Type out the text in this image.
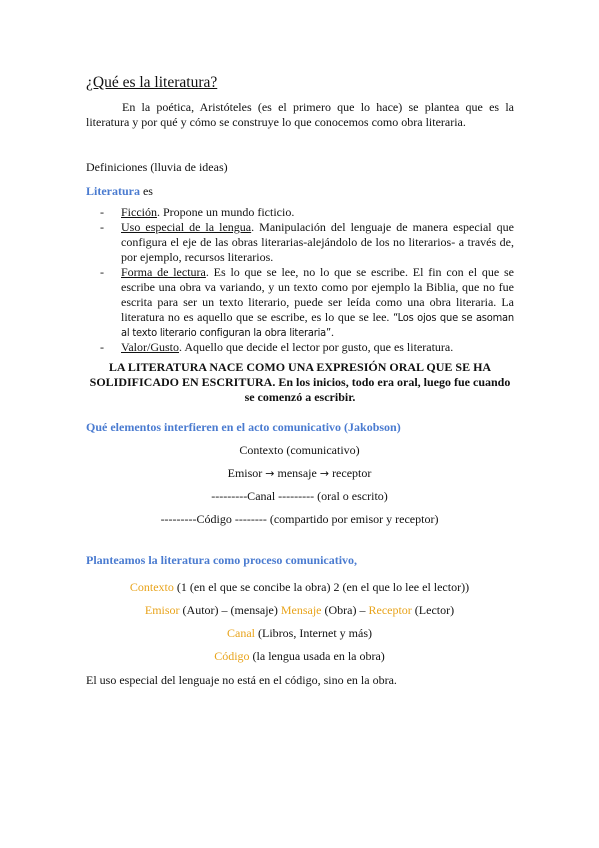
¿Qué es la literatura?
En la poética, Aristóteles (es el primero que lo hace) se plantea que es la literatura y por qué y cómo se construye lo que conocemos como obra literaria.
Definiciones (lluvia de ideas)
Literatura es
- Ficción. Propone un mundo ficticio.
- Uso especial de la lengua. Manipulación del lenguaje de manera especial que configura el eje de las obras literarias-alejándolo de los no literarios- a través de, por ejemplo, recursos literarios.
- Forma de lectura. Es lo que se lee, no lo que se escribe. El fin con el que se escribe una obra va variando, y un texto como por ejemplo la Biblia, que no fue escrita para ser un texto literario, puede ser leída como una obra literaria. La literatura no es aquello que se escribe, es lo que se lee. “Los ojos que se asoman al texto literario configuran la obra literaria”.
- Valor/Gusto. Aquello que decide el lector por gusto, que es literatura.
LA LITERATURA NACE COMO UNA EXPRESIÓN ORAL QUE SE HA SOLIDIFICADO EN ESCRITURA. En los inicios, todo era oral, luego fue cuando se comenzó a escribir.
Qué elementos interfieren en el acto comunicativo (Jakobson)
Contexto (comunicativo)
Emisor → mensaje → receptor
---------Canal --------- (oral o escrito)
---------Código -------- (compartido por emisor y receptor)
Planteamos la literatura como proceso comunicativo,
Contexto (1 (en el que se concibe la obra) 2 (en el que lo lee el lector))
Emisor (Autor) – (mensaje) Mensaje (Obra) – Receptor (Lector)
Canal (Libros, Internet y más)
Código (la lengua usada en la obra)
El uso especial del lenguaje no está en el código, sino en la obra.
